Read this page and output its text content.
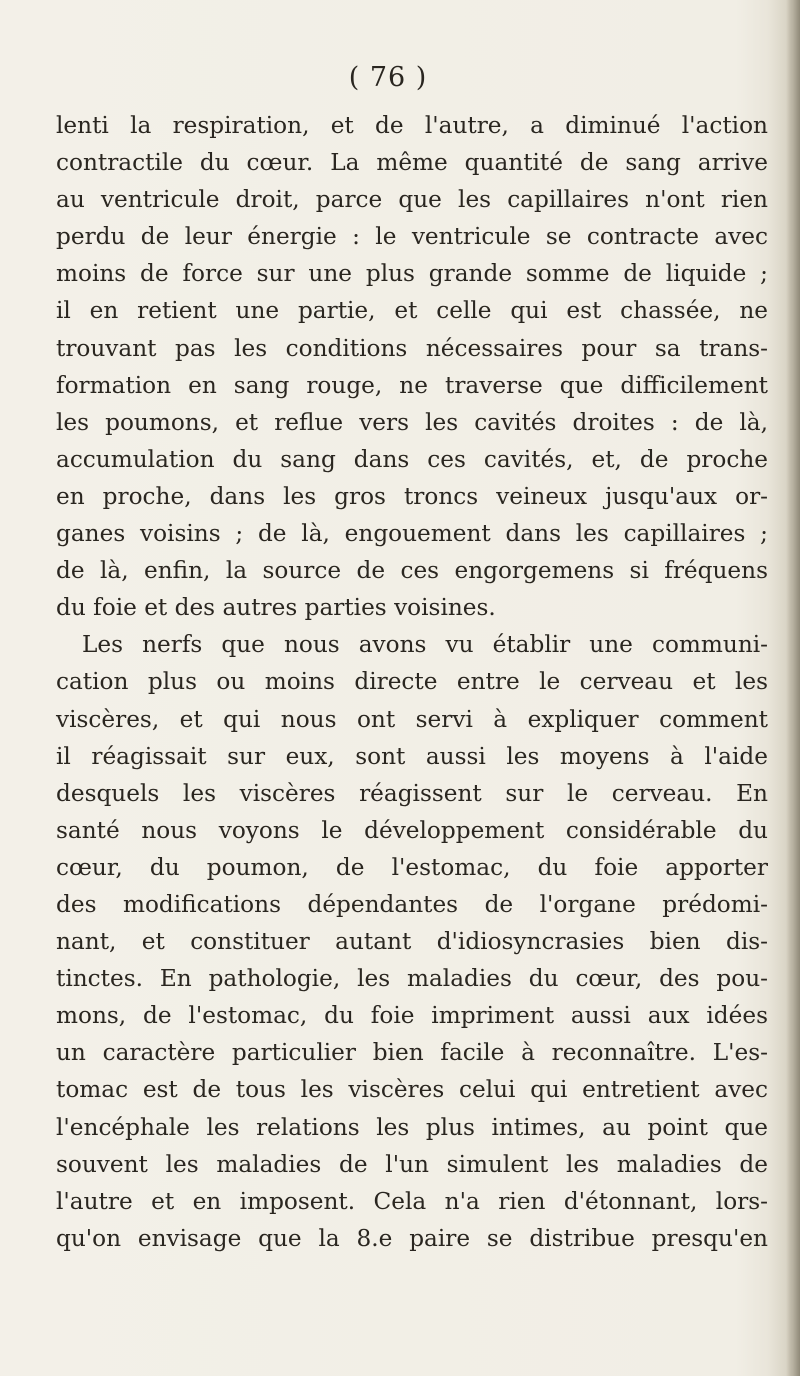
( 76 )
lenti la respiration, et de l'autre, a diminué l'action
contractile du cœur. La même quantité de sang arrive
au ventricule droit, parce que les capillaires n'ont rien
perdu de leur énergie : le ventricule se contracte avec
moins de force sur une plus grande somme de liquide ;
il en retient une partie, et celle qui est chassée, ne
trouvant pas les conditions nécessaires pour sa trans-
formation en sang rouge, ne traverse que difficilement
les poumons, et reflue vers les cavités droites : de là,
accumulation du sang dans ces cavités, et, de proche
en proche, dans les gros troncs veineux jusqu'aux or-
ganes voisins ; de là, engouement dans les capillaires ;
de là, enfin, la source de ces engorgemens si fréquens
du foie et des autres parties voisines.
Les nerfs que nous avons vu établir une communi-
cation plus ou moins directe entre le cerveau et les
viscères, et qui nous ont servi à expliquer comment
il réagissait sur eux, sont aussi les moyens à l'aide
desquels les viscères réagissent sur le cerveau. En
santé nous voyons le développement considérable du
cœur, du poumon, de l'estomac, du foie apporter
des modifications dépendantes de l'organe prédomi-
nant, et constituer autant d'idiosyncrasies bien dis-
tinctes. En pathologie, les maladies du cœur, des pou-
mons, de l'estomac, du foie impriment aussi aux idées
un caractère particulier bien facile à reconnaître. L'es-
tomac est de tous les viscères celui qui entretient avec
l'encéphale les relations les plus intimes, au point que
souvent les maladies de l'un simulent les maladies de
l'autre et en imposent. Cela n'a rien d'étonnant, lors-
qu'on envisage que la 8.e paire se distribue presqu'en
